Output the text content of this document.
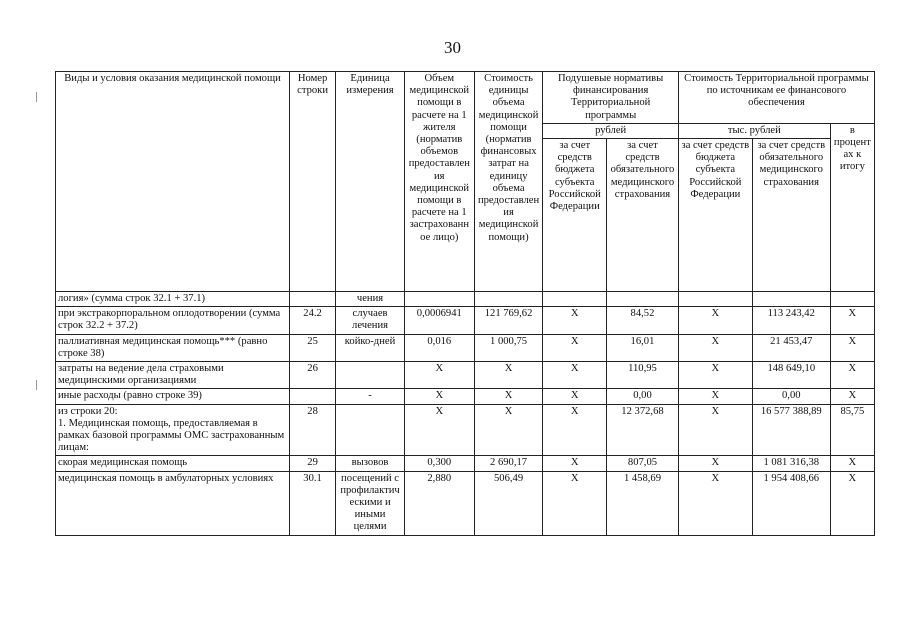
30
Виды и условия оказания медицинской помощи	Номер строки	Единица измерения	Объем медицинской помощи в расчете на 1 жителя (норматив объемов предоставления медицинской помощи в расчете на 1 застрахованное лицо)	Стоимость единицы объема медицинской помощи (норматив финансовых затрат на единицу объема предоставления медицинской помощи)	Подушевые нормативы финансирования Территориальной программы		Стоимость Территориальной программы по источникам ее финансового обеспечения		
					рублей		тыс. рублей		в процентах к итогу
					за счет средств бюджета субъекта Российской Федерации	за счет средств обязательного медицинского страхования	за счет средств бюджета субъекта Российской Федерации	за счет средств обязательного медицинского страхования	
логия» (сумма строк 32.1 + 37.1)		чения							
при экстракорпоральном оплодотворении (сумма строк 32.2 + 37.2)	24.2	случаев лечения	0,0006941	121 769,62	X	84,52	X	113 243,42	X
паллиативная медицинская помощь*** (равно строке 38)	25	койко-дней	0,016	1 000,75	X	16,01	X	21 453,47	X
затраты на ведение дела страховыми медицинскими организациями	26		X	X	X	110,95	X	148 649,10	X
иные расходы (равно строке 39)		-	X	X	X	0,00	X	0,00	X
из строки 20:
1. Медицинская помощь, предоставляемая в рамках базовой программы ОМС застрахованным лицам:	28		X	X	X	12 372,68	X	16 577 388,89	85,75
скорая медицинская помощь	29	вызовов	0,300	2 690,17	X	807,05	X	1 081 316,38	X
медицинская помощь в амбулаторных условиях	30.1	посещений с профилактическими и иными целями	2,880	506,49	X	1 458,69	X	1 954 408,66	X
